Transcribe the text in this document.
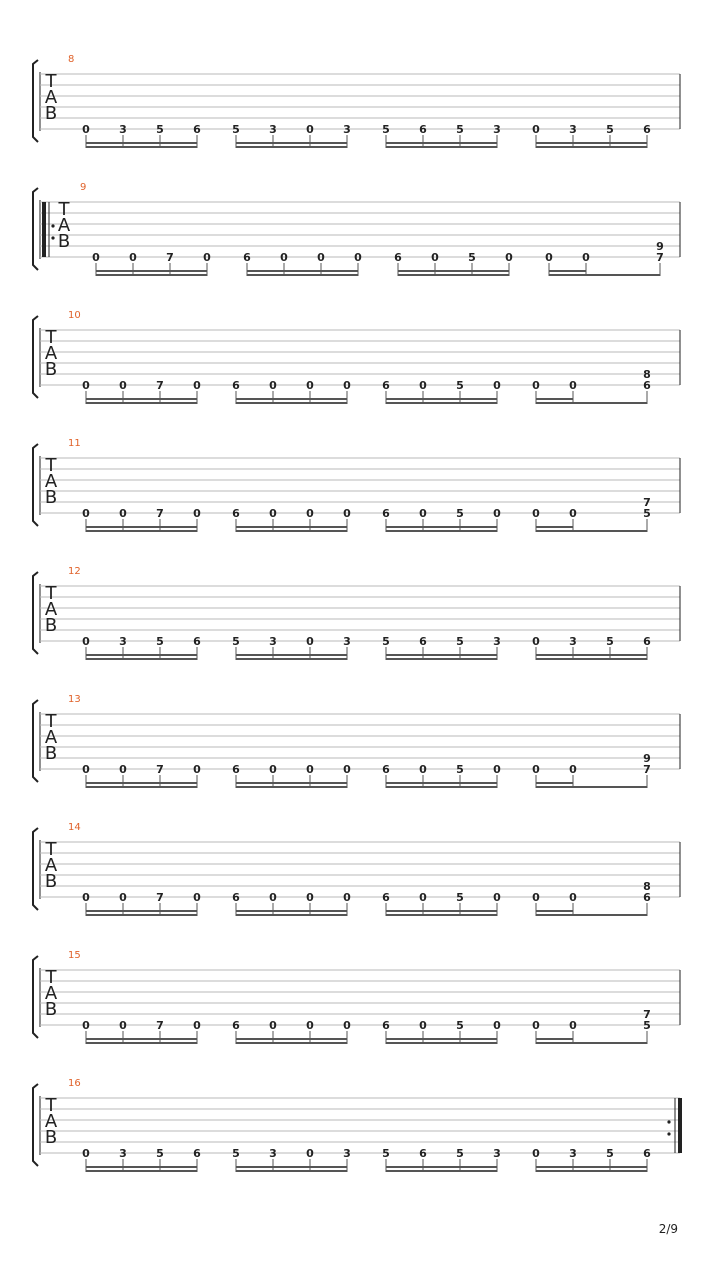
8
T
A
B
0	3	5	6	5	3	0	3	5	6	5	3	0	3	5	6
9
T
A
B
0	0	7	0	6	0	0	0	6	0	5	0	0	0
9
7
10
T
A
B
0	0	7	0	6	0	0	0	6	0	5	0	0	0
8
6
11
T
A
B
0	0	7	0	6	0	0	0	6	0	5	0	0	0
7
5
12
T
A
B
0	3	5	6	5	3	0	3	5	6	5	3	0	3	5	6
13
T
A
B
0	0	7	0	6	0	0	0	6	0	5	0	0	0
9
7
14
T
A
B
0	0	7	0	6	0	0	0	6	0	5	0	0	0
8
6
15
T
A
B
0	0	7	0	6	0	0	0	6	0	5	0	0	0
7
5
16
T
A
B
0	3	5	6	5	3	0	3	5	6	5	3	0	3	5	6
2/9
